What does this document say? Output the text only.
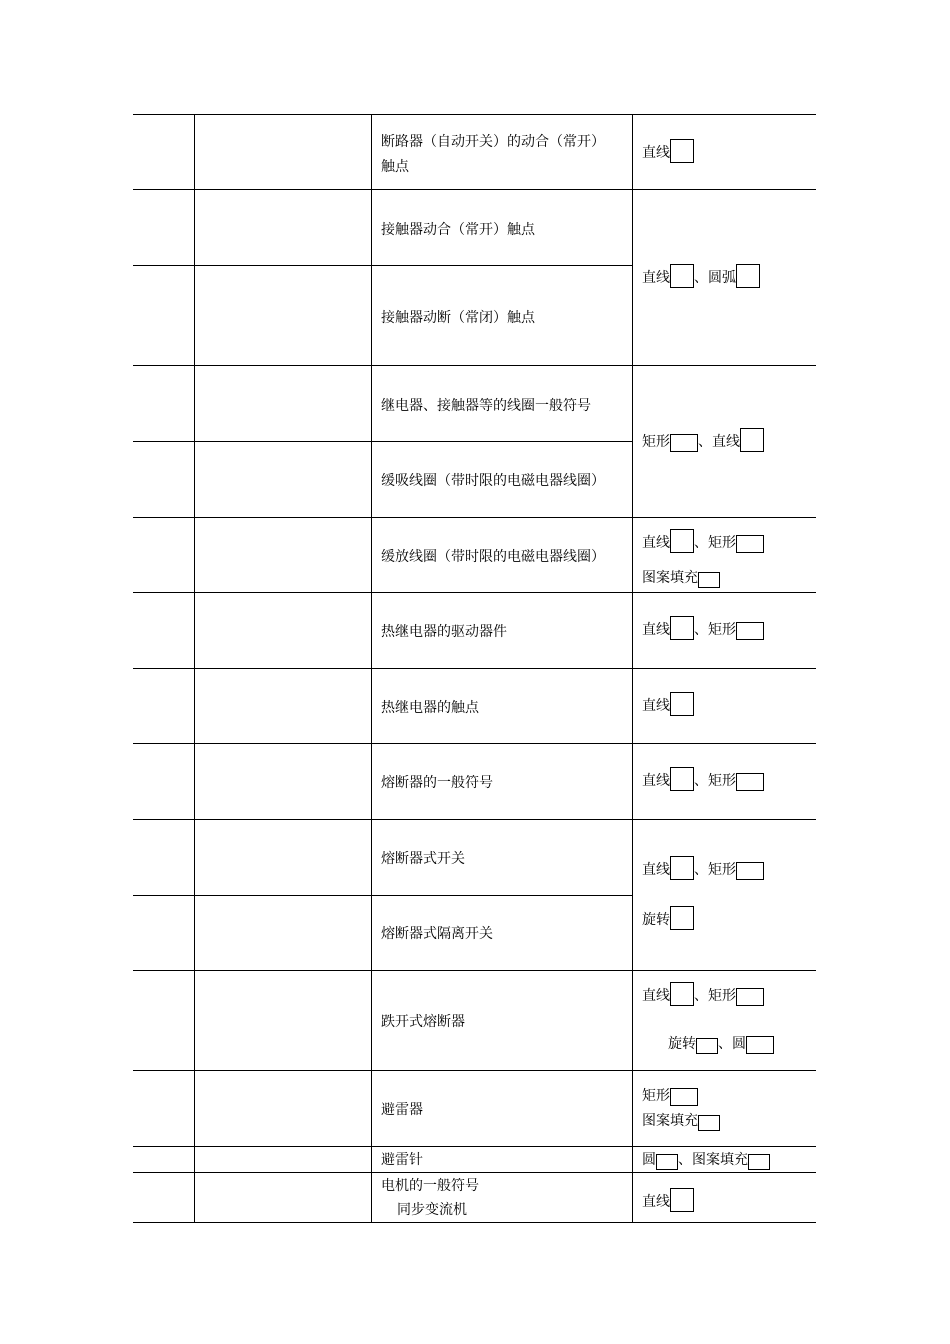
断路器（自动开关）的动合（常开）
触点
接触器动合（常开）触点
接触器动断（常闭）触点
继电器、接触器等的线圈一般符号
缓吸线圈（带时限的电磁电器线圈）
缓放线圈（带时限的电磁电器线圈）
热继电器的驱动器件
热继电器的触点
熔断器的一般符号
熔断器式开关
熔断器式隔离开关
跌开式熔断器
避雷器
避雷针
电机的一般符号
同步变流机
直线
直线 、圆弧
矩形 、直线
直线 、矩形
图案填充
直线 、矩形
直线
直线 、矩形
直线 、矩形
旋转
直线 、矩形
旋转 、圆
矩形
图案填充
圆 、图案填充
直线
